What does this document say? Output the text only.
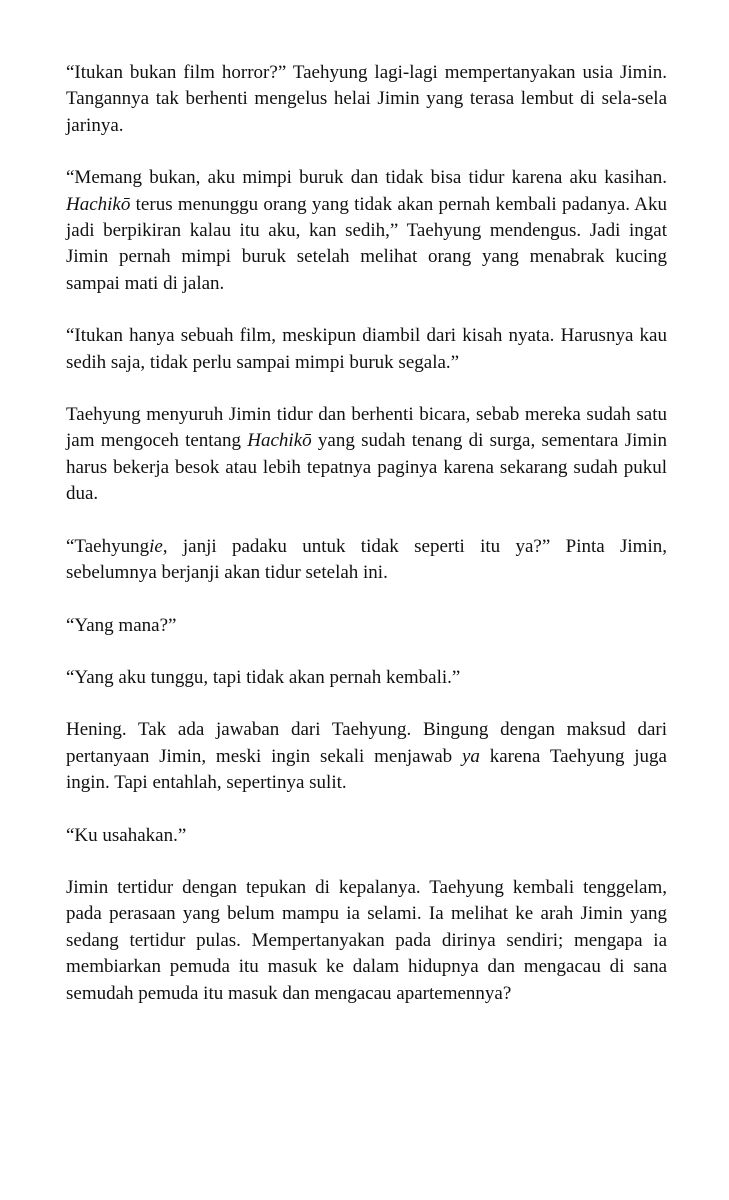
“Itukan bukan film horror?” Taehyung lagi-lagi mempertanyakan usia Jimin. Tangannya tak berhenti mengelus helai Jimin yang terasa lembut di sela-sela jarinya.

“Memang bukan, aku mimpi buruk dan tidak bisa tidur karena aku kasihan. Hachikō terus menunggu orang yang tidak akan pernah kembali padanya. Aku jadi berpikiran kalau itu aku, kan sedih,” Taehyung mendengus. Jadi ingat Jimin pernah mimpi buruk setelah melihat orang yang menabrak kucing sampai mati di jalan.

“Itukan hanya sebuah film, meskipun diambil dari kisah nyata. Harusnya kau sedih saja, tidak perlu sampai mimpi buruk segala.”

Taehyung menyuruh Jimin tidur dan berhenti bicara, sebab mereka sudah satu jam mengoceh tentang Hachikō yang sudah tenang di surga, sementara Jimin harus bekerja besok atau lebih tepatnya paginya karena sekarang sudah pukul dua.

“Taehyungie, janji padaku untuk tidak seperti itu ya?” Pinta Jimin, sebelumnya berjanji akan tidur setelah ini.

“Yang mana?”

“Yang aku tunggu, tapi tidak akan pernah kembali.”

Hening. Tak ada jawaban dari Taehyung. Bingung dengan maksud dari pertanyaan Jimin, meski ingin sekali menjawab ya karena Taehyung juga ingin. Tapi entahlah, sepertinya sulit.

“Ku usahakan.”

Jimin tertidur dengan tepukan di kepalanya. Taehyung kembali tenggelam, pada perasaan yang belum mampu ia selami. Ia melihat ke arah Jimin yang sedang tertidur pulas. Mempertanyakan pada dirinya sendiri; mengapa ia membiarkan pemuda itu masuk ke dalam hidupnya dan mengacau di sana semudah pemuda itu masuk dan mengacau apartemennya?
